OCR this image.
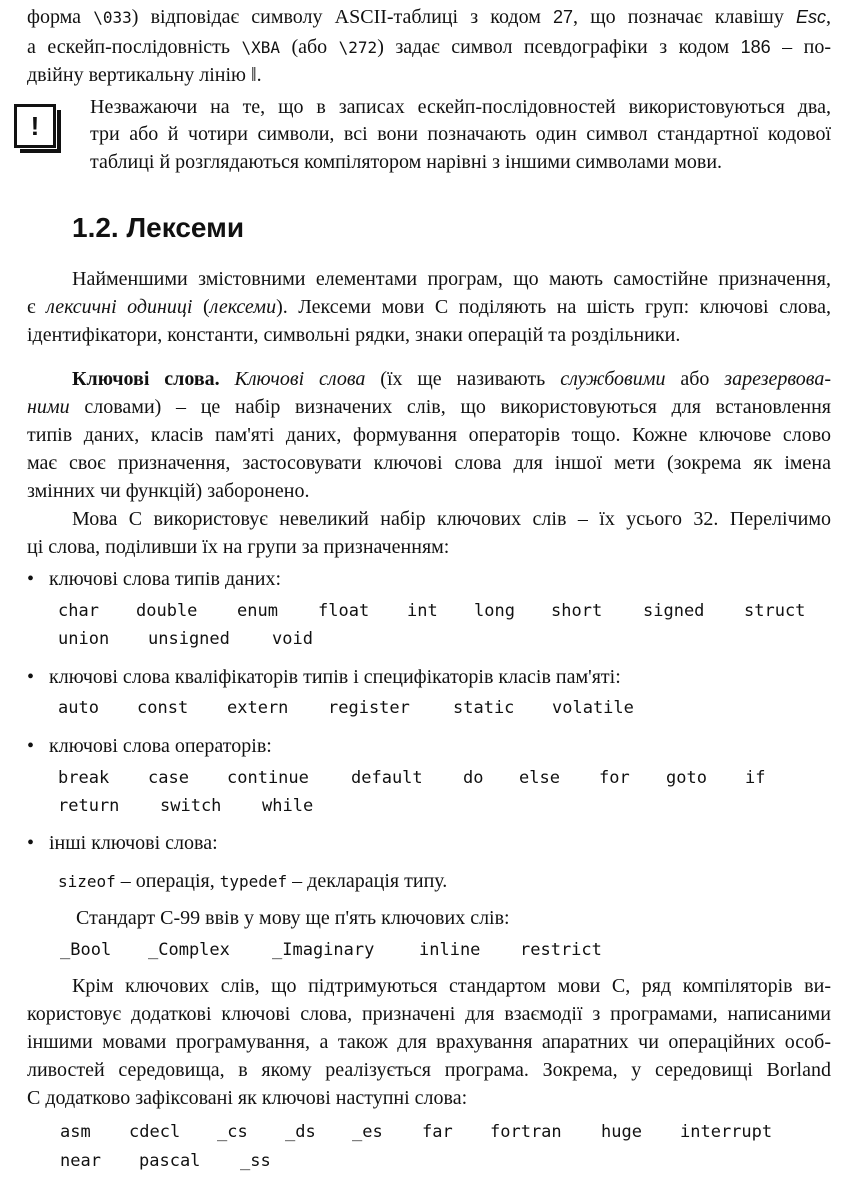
форма \033) відповідає символу ASCII-таблиці з кодом 27, що позначає клавішу Esc,
а ескейп-послідовність \XBA (або \272) задає символ псевдографіки з кодом 186 – по-
двійну вертикальну лінію ‖.
!
Незважаючи на те, що в записах ескейп-послідовностей використовуються два,
три або й чотири символи, всі вони позначають один символ стандартної кодової
таблиці й розглядаються компілятором нарівні з іншими символами мови.
1.2. Лексеми
Найменшими змістовними елементами програм, що мають самостійне призначення,
є лексичні одиниці (лексеми). Лексеми мови С поділяють на шість груп: ключові слова,
ідентифікатори, константи, символьні рядки, знаки операцій та роздільники.
Ключові слова. Ключові слова (їх ще називають службовими або зарезервова-
ними словами) – це набір визначених слів, що використовуються для встановлення
типів даних, класів пам'яті даних, формування операторів тощо. Кожне ключове слово
має своє призначення, застосовувати ключові слова для іншої мети (зокрема як імена
змінних чи функцій) заборонено.
Мова С використовує невеликий набір ключових слів – їх усього 32. Перелічимо
ці слова, поділивши їх на групи за призначенням:
• ключові слова типів даних:
char double enum float int long short signed struct
union unsigned void
• ключові слова кваліфікаторів типів і специфікаторів класів пам'яті:
auto const extern register	static volatile
• ключові слова операторів:
break case continue default do else for goto if
return switch while
• інші ключові слова:
sizeof – операція, typedef – декларація типу.
Стандарт С-99 ввів у мову ще п'ять ключових слів:
_Bool _Complex _Imaginary	inline restrict
Крім ключових слів, що підтримуються стандартом мови С, ряд компіляторів ви-
користовує додаткові ключові слова, призначені для взаємодії з програмами, написаними
іншими мовами програмування, а також для врахування апаратних чи операційних особ-
ливостей середовища, в якому реалізується програма. Зокрема, у середовищі Borland
С додатково зафіксовані як ключові наступні слова:
asm cdecl _cs _ds _es far fortran huge interrupt
near pascal _ss
